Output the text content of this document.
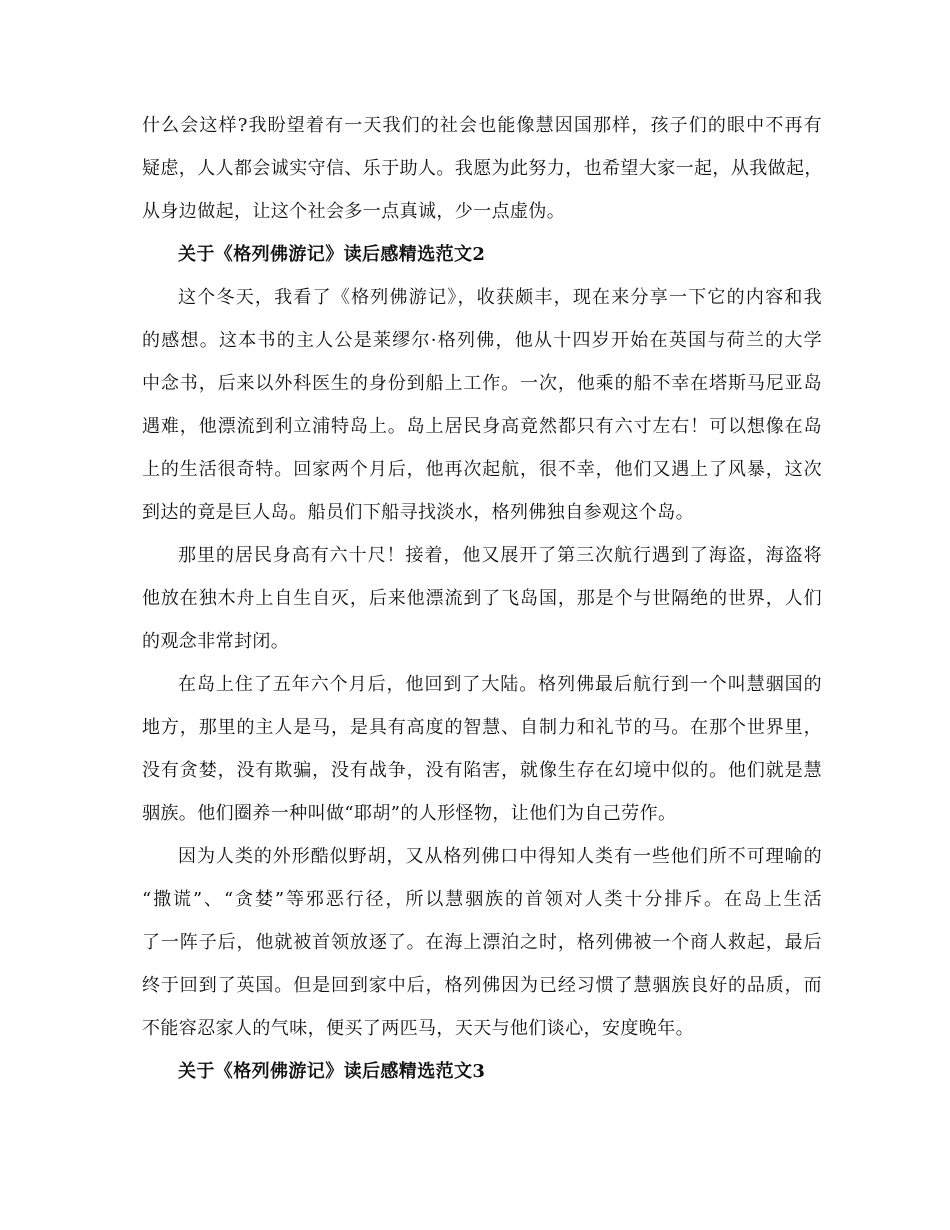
什么会这样?我盼望着有一天我们的社会也能像慧因国那样，孩子们的眼中不再有
疑虑，人人都会诚实守信、乐于助人。我愿为此努力，也希望大家一起，从我做起，
从身边做起，让这个社会多一点真诚，少一点虚伪。
关于《格列佛游记》读后感精选范文2
这个冬天，我看了《格列佛游记》，收获颇丰，现在来分享一下它的内容和我
的感想。这本书的主人公是莱缪尔·格列佛，他从十四岁开始在英国与荷兰的大学
中念书，后来以外科医生的身份到船上工作。一次，他乘的船不幸在塔斯马尼亚岛
遇难，他漂流到利立浦特岛上。岛上居民身高竟然都只有六寸左右！可以想像在岛
上的生活很奇特。回家两个月后，他再次起航，很不幸，他们又遇上了风暴，这次
到达的竟是巨人岛。船员们下船寻找淡水，格列佛独自参观这个岛。
那里的居民身高有六十尺！接着，他又展开了第三次航行遇到了海盗，海盗将
他放在独木舟上自生自灭，后来他漂流到了飞岛国，那是个与世隔绝的世界，人们
的观念非常封闭。
在岛上住了五年六个月后，他回到了大陆。格列佛最后航行到一个叫慧骃国的
地方，那里的主人是马，是具有高度的智慧、自制力和礼节的马。在那个世界里，
没有贪婪，没有欺骗，没有战争，没有陷害，就像生存在幻境中似的。他们就是慧
骃族。他们圈养一种叫做“耶胡”的人形怪物，让他们为自己劳作。
因为人类的外形酷似野胡，又从格列佛口中得知人类有一些他们所不可理喻的
“撒谎”、“贪婪”等邪恶行径，所以慧骃族的首领对人类十分排斥。在岛上生活
了一阵子后，他就被首领放逐了。在海上漂泊之时，格列佛被一个商人救起，最后
终于回到了英国。但是回到家中后，格列佛因为已经习惯了慧骃族良好的品质，而
不能容忍家人的气味，便买了两匹马，天天与他们谈心，安度晚年。
关于《格列佛游记》读后感精选范文3
